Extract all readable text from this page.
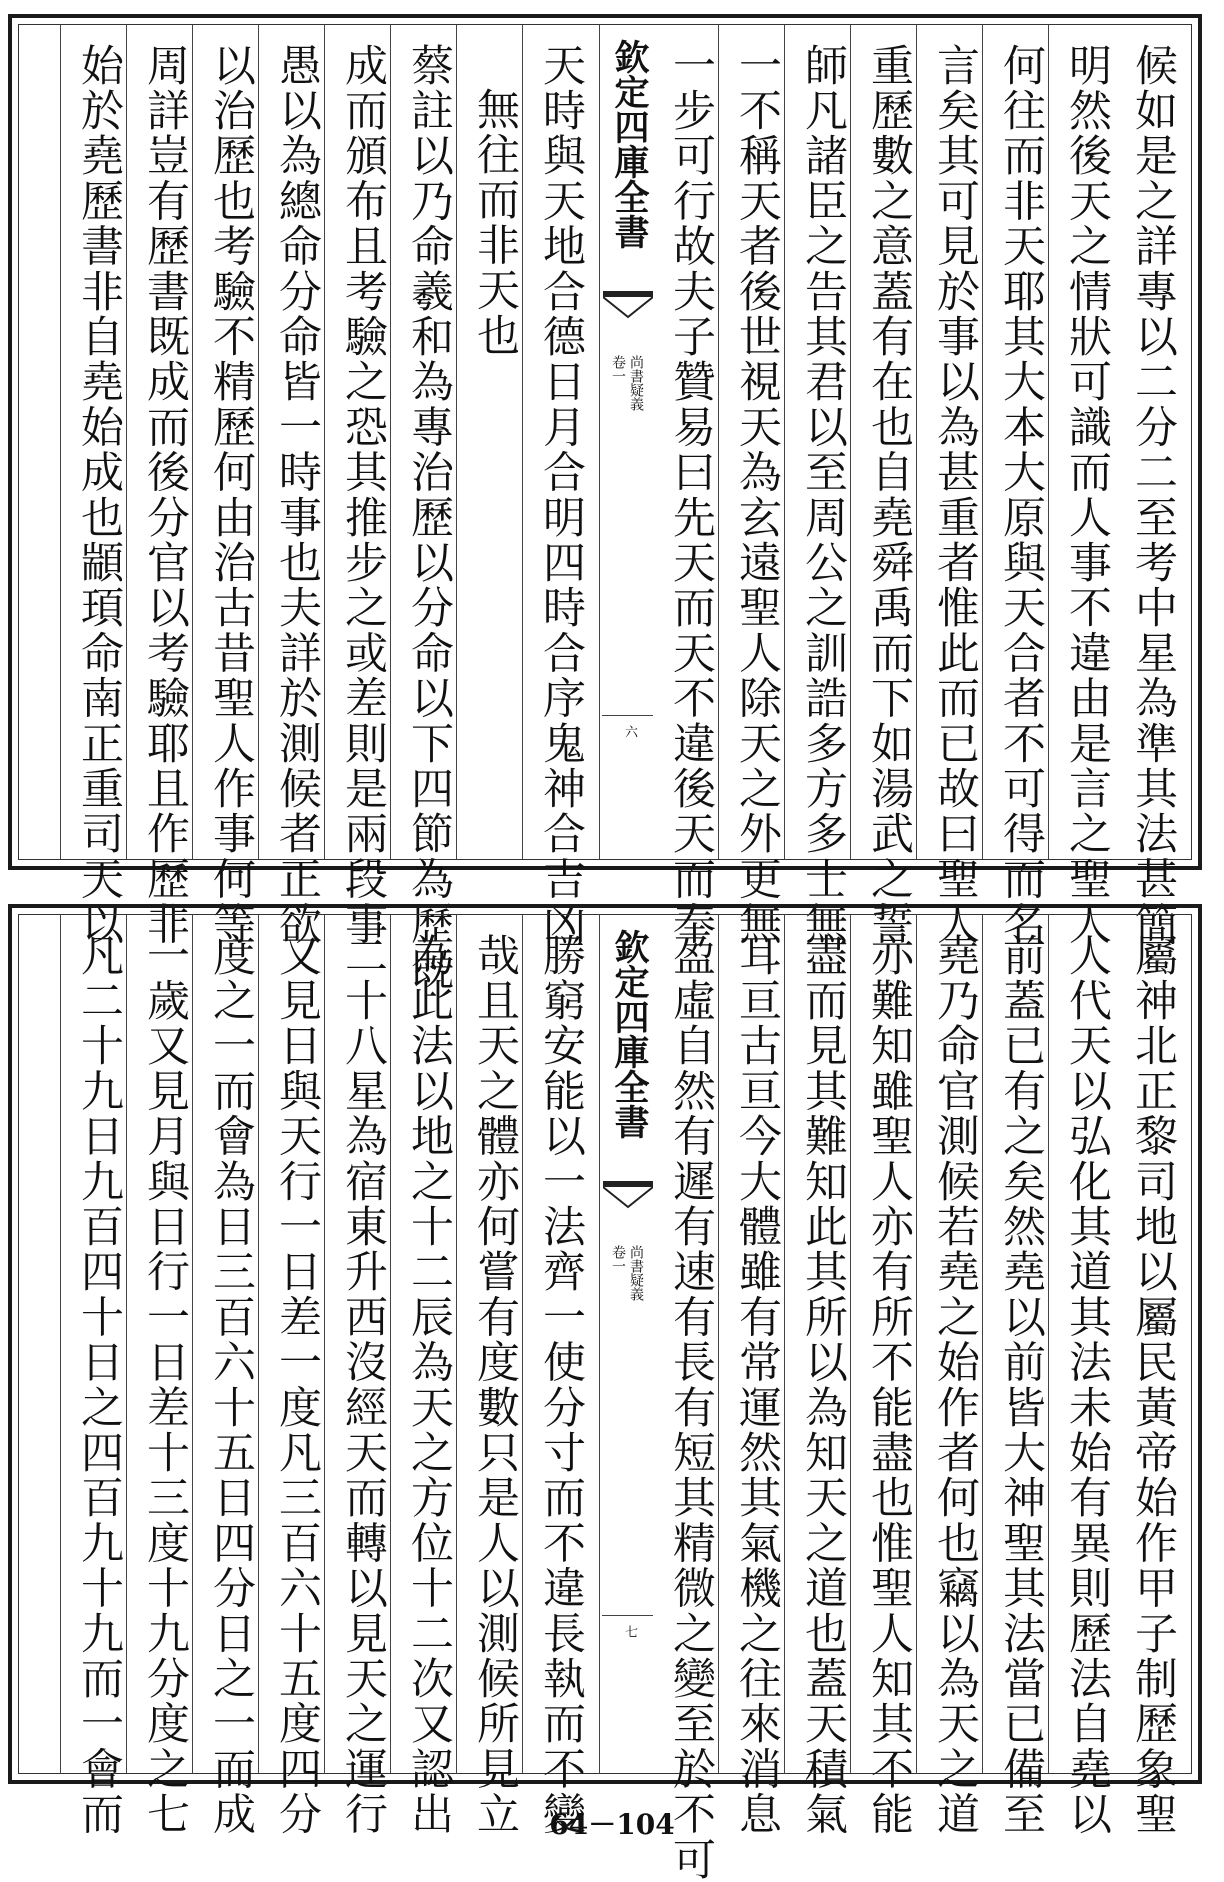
候如是之詳專以二分二至考中星為準其法甚簡
明然後天之情狀可識而人事不違由是言之聖人
何往而非天耶其大本大原與天合者不可得而名
言矣其可見於事以為甚重者惟此而已故曰聖人
重歷數之意蓋有在也自堯舜禹而下如湯武之誓
師凡諸臣之告其君以至周公之訓誥多方多士無
一不稱天者後世視天為玄遠聖人除天之外更無
一步可行故夫子贊易曰先天而天不違後天而奉
欽定四庫全書
尚書疑義
卷一
六
天時與天地合德日月合明四時合序鬼神合吉凶
無往而非天也
蔡註以乃命羲和為專治歷以分命以下四節為歷既
成而頒布且考驗之恐其推步之或差則是兩段事
愚以為總命分命皆一時事也夫詳於測候者正欲
以治歷也考驗不精歷何由治古昔聖人作事何等
周詳豈有歷書既成而後分官以考驗耶且作歷非
始於堯歷書非自堯始成也顓頊命南正重司天以
屬神北正黎司地以屬民黃帝始作甲子制歷象聖
人代天以弘化其道其法未始有異則歷法自堯以
前蓋已有之矣然堯以前皆大神聖其法當已備至
堯乃命官測候若堯之始作者何也竊以為天之道
亦難知雖聖人亦有所不能盡也惟聖人知其不能
盡而見其難知此其所以為知天之道也蓋天積氣
耳亘古亘今大體雖有常運然其氣機之往來消息
盈虛自然有遲有速有長有短其精微之變至於不可
欽定四庫全書
尚書疑義
卷一
七
勝窮安能以一法齊一使分寸而不違長執而不變
哉且天之體亦何嘗有度數只是人以測候所見立
為此法以地之十二辰為天之方位十二次又認出
二十八星為宿東升西沒經天而轉以見天之運行
又見日與天行一日差一度凡三百六十五度四分
度之一而會為日三百六十五日四分日之一而成
一歲又見月與日行一日差十三度十九分度之七
凡二十九日九百四十日之四百九十九而一會而	64－104
